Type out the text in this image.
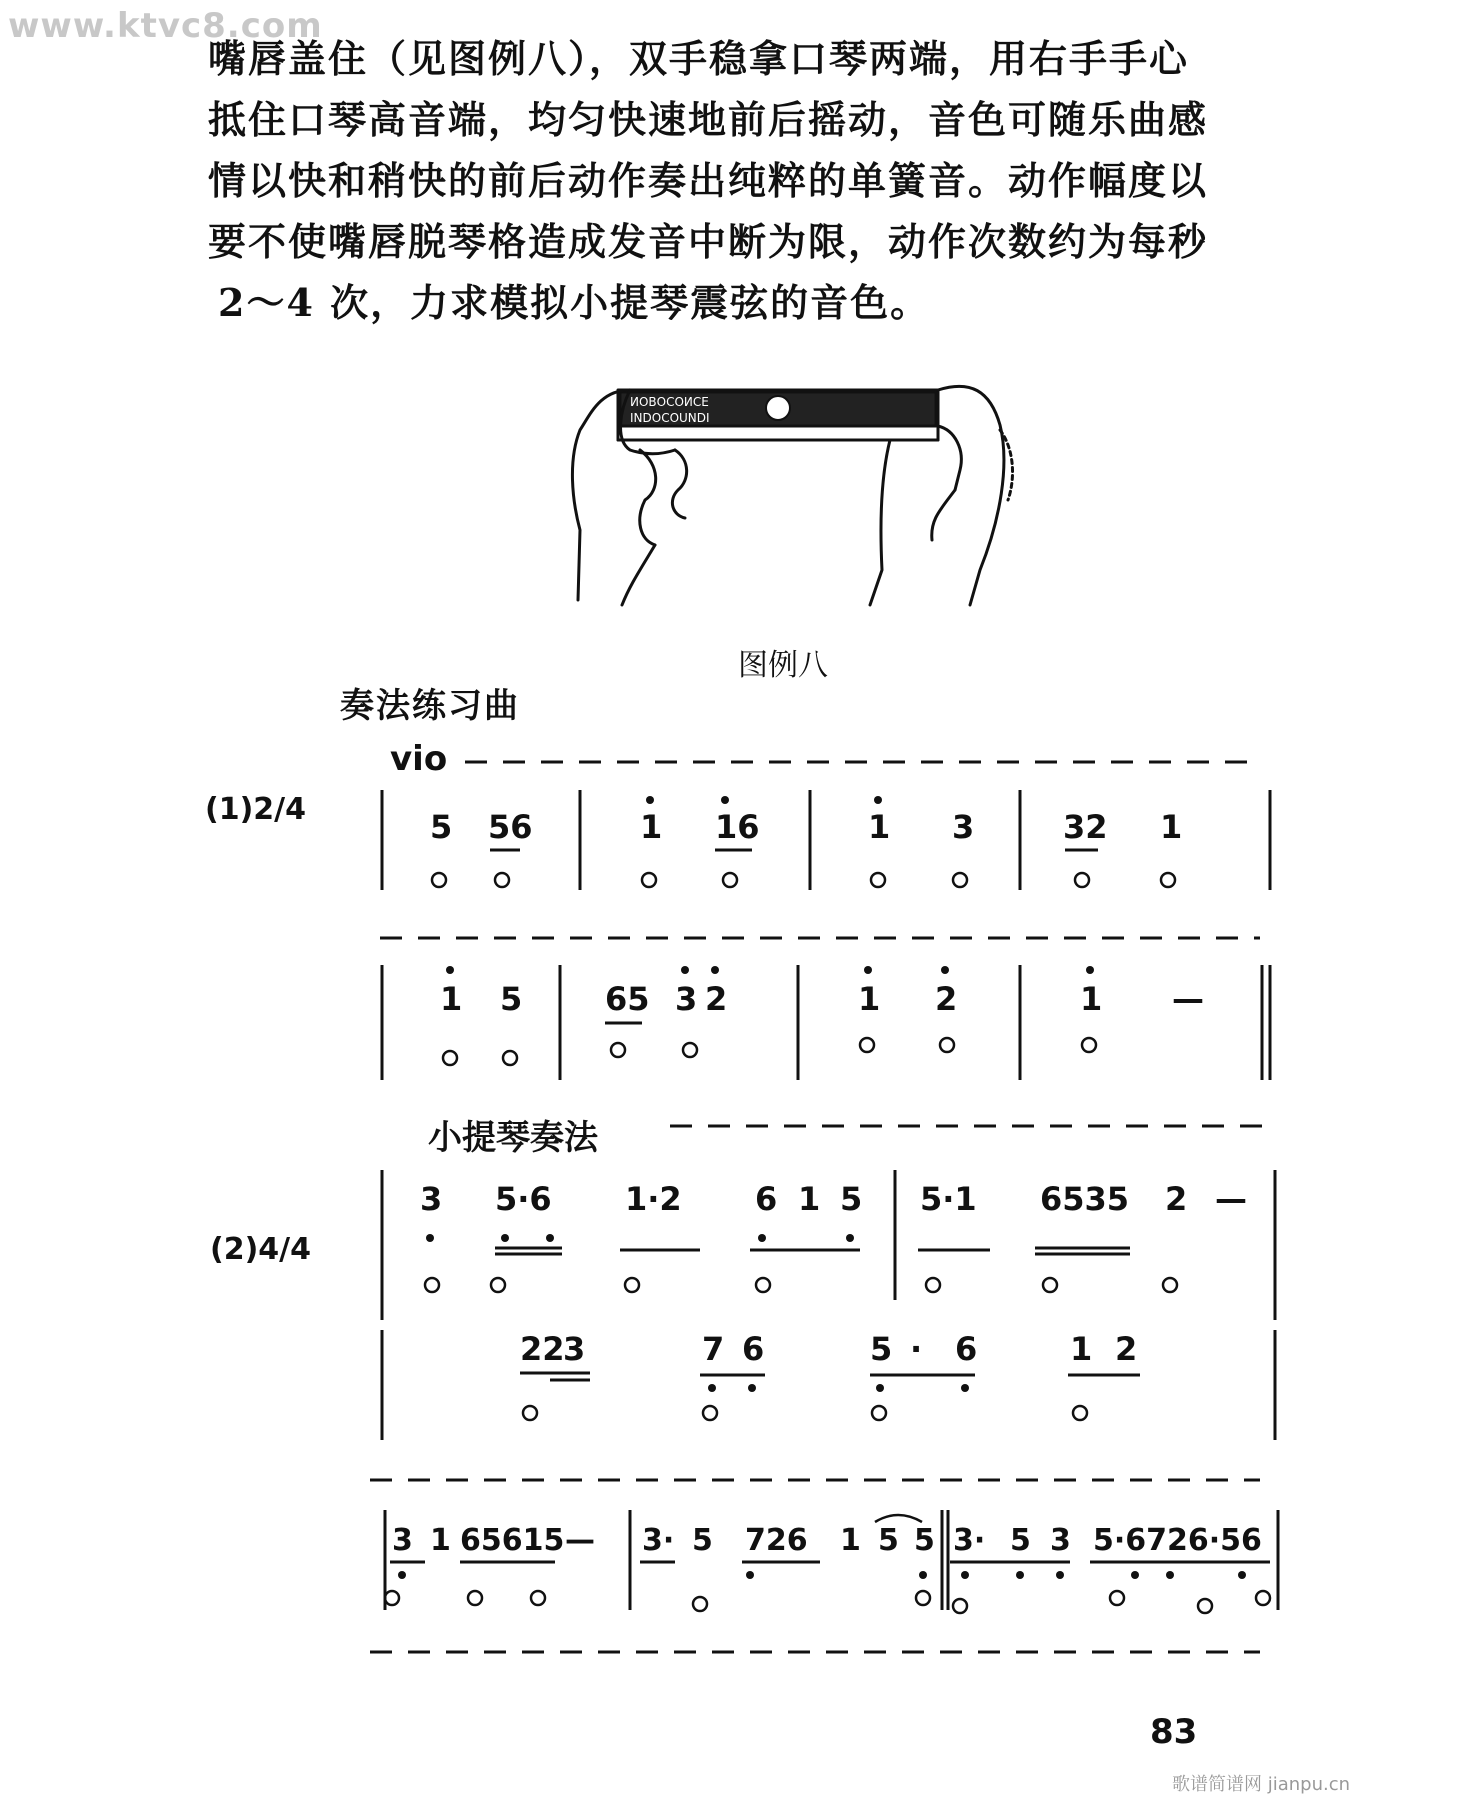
www.ktvc8.com
嘴唇盖住（见图例八），双手稳拿口琴两端，用右手手心
抵住口琴高音端，均匀快速地前后摇动，音色可随乐曲感
情以快和稍快的前后动作奏出纯粹的单簧音。动作幅度以
要不使嘴唇脱琴格造成发音中断为限，动作次数约为每秒
2～4 次，力求模拟小提琴震弦的音色。
ИОВОСОИСЕ
INDOCOUNDI
图例八
奏法练习曲
(1)2/4
vio
5 56	1 16	1 3	32 1
1 5	65 3 2	1 2	1 —
小提琴奏法
(2)4/4
3 5·6 1·2 6 1 5 5·1 6535 2 —
22
3	7 6	5 · 6	1 2
3 1 65615 — 3· 5 726 1 5 5 3· 5 3 5·6726·56
83
歌谱简谱网 jianpu.cn
